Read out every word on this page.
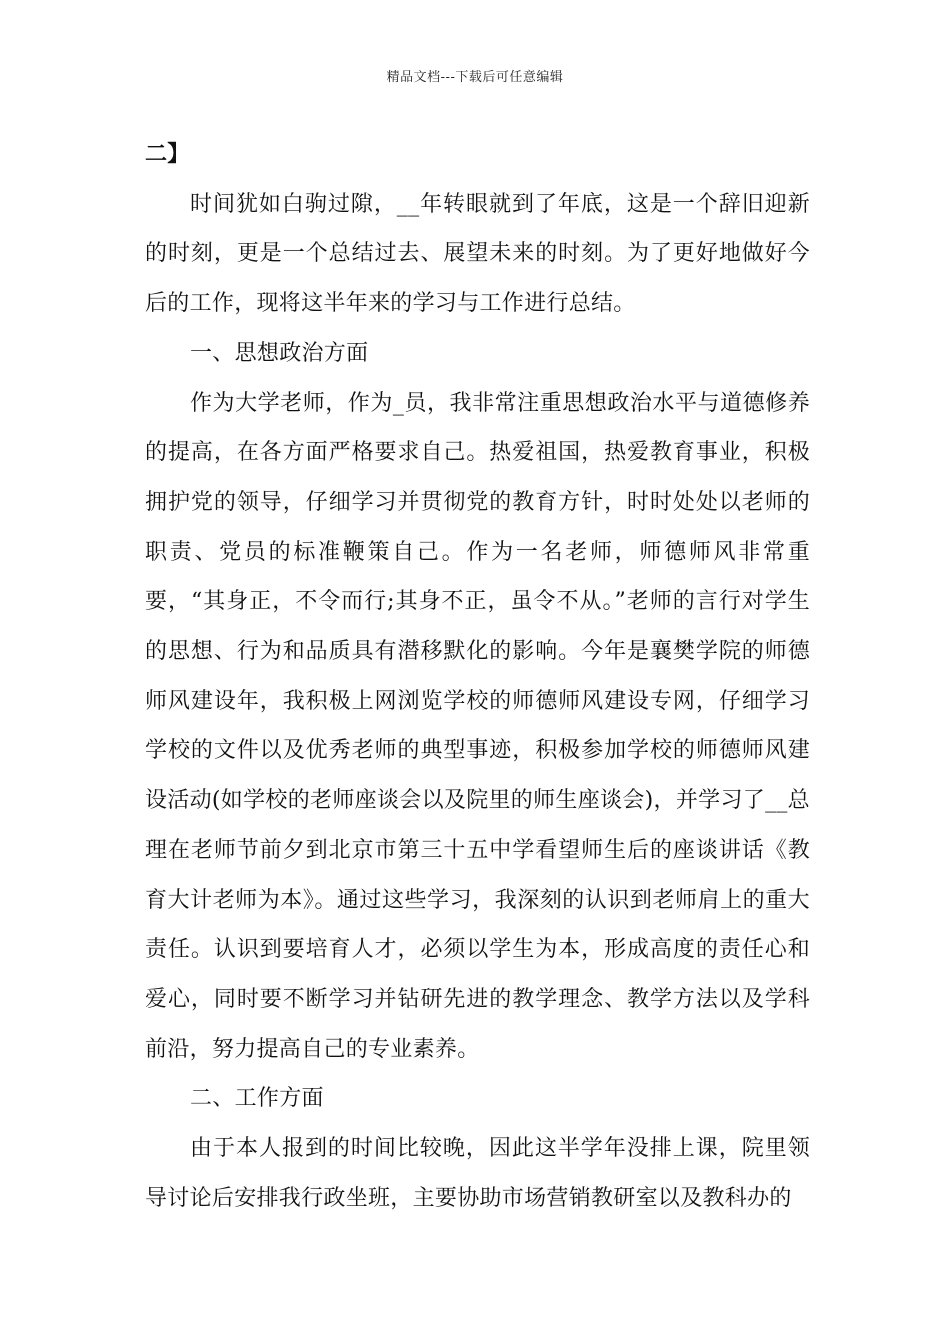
精品文档---下载后可任意编辑

二】

时间犹如白驹过隙，__年转眼就到了年底，这是一个辞旧迎新的时刻，更是一个总结过去、展望未来的时刻。为了更好地做好今后的工作，现将这半年来的学习与工作进行总结。

一、思想政治方面

作为大学老师，作为_员，我非常注重思想政治水平与道德修养的提高，在各方面严格要求自己。热爱祖国，热爱教育事业，积极拥护党的领导，仔细学习并贯彻党的教育方针，时时处处以老师的职责、党员的标准鞭策自己。作为一名老师，师德师风非常重要，“其身正，不令而行;其身不正，虽令不从。”老师的言行对学生的思想、行为和品质具有潜移默化的影响。今年是襄樊学院的师德师风建设年，我积极上网浏览学校的师德师风建设专网，仔细学习学校的文件以及优秀老师的典型事迹，积极参加学校的师德师风建设活动(如学校的老师座谈会以及院里的师生座谈会)，并学习了__总理在老师节前夕到北京市第三十五中学看望师生后的座谈讲话《教育大计老师为本》。通过这些学习，我深刻的认识到老师肩上的重大责任。认识到要培育人才，必须以学生为本，形成高度的责任心和爱心，同时要不断学习并钻研先进的教学理念、教学方法以及学科前沿，努力提高自己的专业素养。

二、工作方面

由于本人报到的时间比较晚，因此这半学年没排上课，院里领导讨论后安排我行政坐班，主要协助市场营销教研室以及教科办的
